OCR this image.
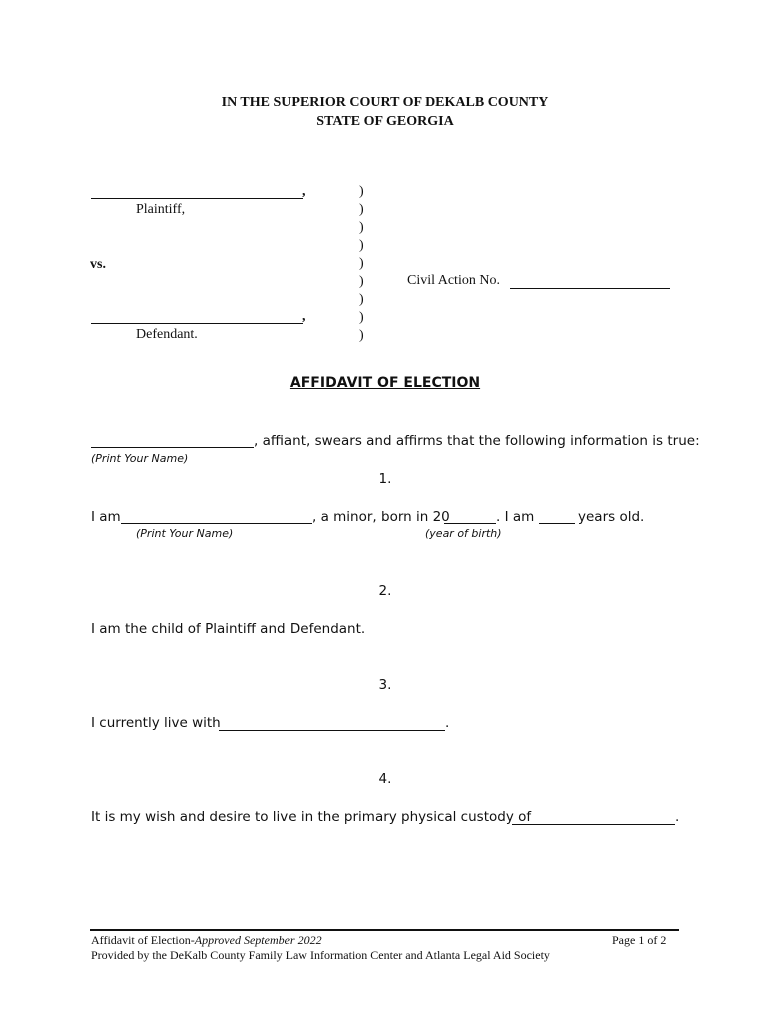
IN THE SUPERIOR COURT OF DEKALB COUNTY
STATE OF GEORGIA
,
Plaintiff,
vs.
,
Defendant.
)
)
)
)
)
)
)
)
)
Civil Action No.
AFFIDAVIT OF ELECTION
, affiant, swears and affirms that the following information is true:
(Print Your Name)
1.
I am	, a minor, born in 20	. I am	years old.
(Print Your Name)	(year of birth)
2.
I am the child of Plaintiff and Defendant.
3.
I currently live with	.
4.
It is my wish and desire to live in the primary physical custody of	.
Affidavit of Election-Approved September 2022	Page 1 of 2
Provided by the DeKalb County Family Law Information Center and Atlanta Legal Aid Society
